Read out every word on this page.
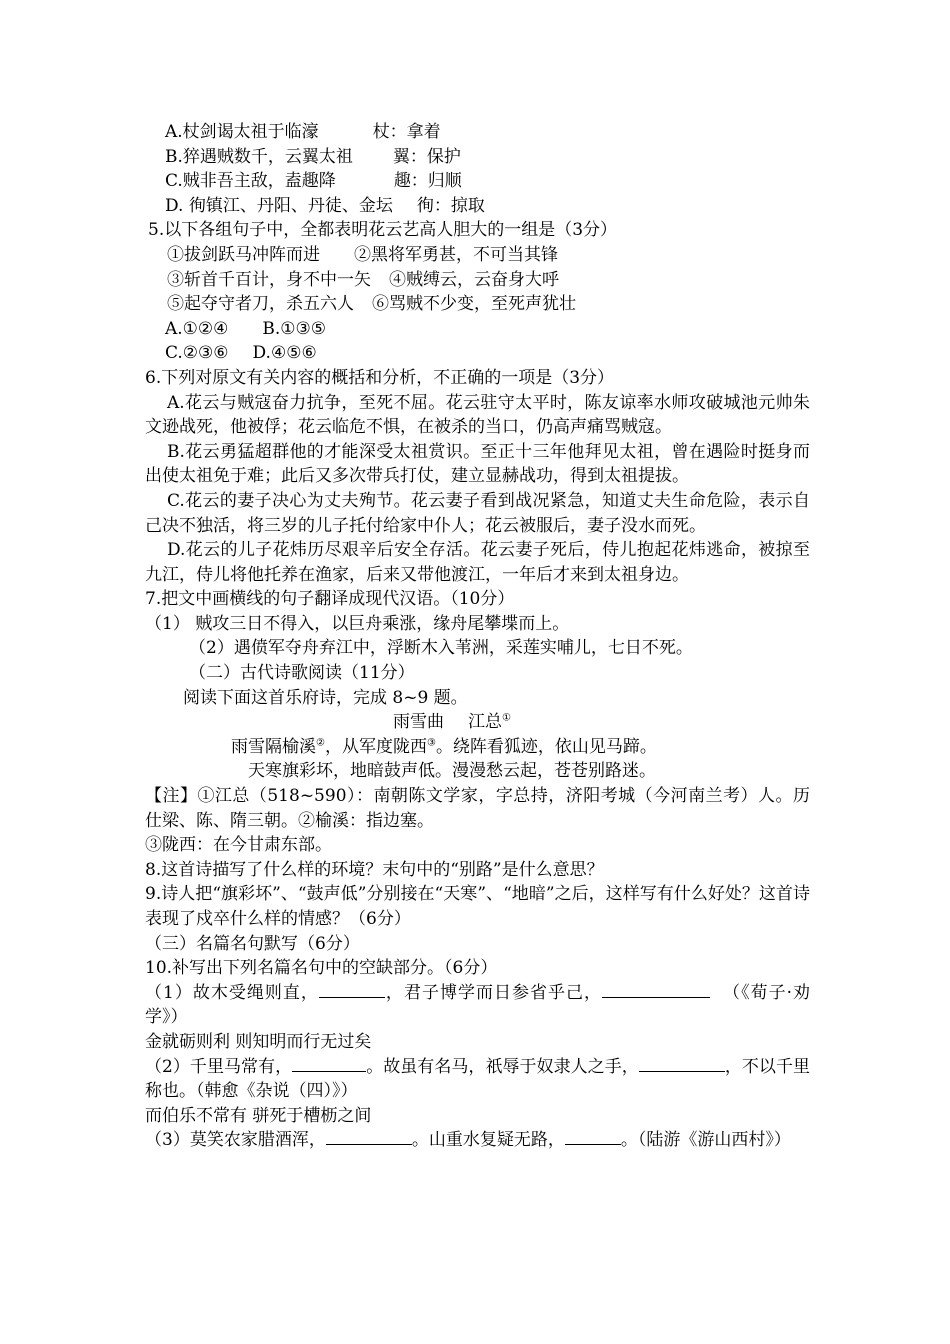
A.杖剑谒太祖于临濠	杖：拿着
B.猝遇贼数千，云翼太祖 翼：保护
C.贼非吾主敌，盍趣降	趣：归顺
D. 徇镇江、丹阳、丹徒、金坛 徇：掠取
5.以下各组句子中，全都表明花云艺高人胆大的一组是（3分）
①拔剑跃马冲阵而进 ②黑将军勇甚，不可当其锋
③斩首千百计，身不中一矢 ④贼缚云，云奋身大呼
⑤起夺守者刀，杀五六人 ⑥骂贼不少变，至死声犹壮
A.①②④ B.①③⑤
C.②③⑥ D.④⑤⑥
6.下列对原文有关内容的概括和分析，不正确的一项是（3分）
A.花云与贼寇奋力抗争，至死不屈。花云驻守太平时，陈友谅率水师攻破城池元帅朱文逊战死，他被俘；花云临危不惧，在被杀的当口，仍高声痛骂贼寇。
B.花云勇猛超群他的才能深受太祖赏识。至正十三年他拜见太祖，曾在遇险时挺身而出使太祖免于难；此后又多次带兵打仗，建立显赫战功，得到太祖提拔。
C.花云的妻子决心为丈夫殉节。花云妻子看到战况紧急，知道丈夫生命危险，表示自己决不独活，将三岁的儿子托付给家中仆人；花云被服后，妻子没水而死。
D.花云的儿子花炜历尽艰辛后安全存活。花云妻子死后，侍儿抱起花炜逃命，被掠至九江，侍儿将他托养在渔家，后来又带他渡江，一年后才来到太祖身边。
7.把文中画横线的句子翻译成现代汉语。（10分）
（1） 贼攻三日不得入，以巨舟乘涨，缘舟尾攀堞而上。
（2）遇偾军夺舟弃江中，浮断木入苇洲，采莲实哺儿，七日不死。
（二）古代诗歌阅读（11分）
阅读下面这首乐府诗，完成 8~9 题。
雨雪曲 江总①
雨雪隔榆溪②，从军度陇西③。绕阵看狐迹，依山见马蹄。
天寒旗彩坏，地暗鼓声低。漫漫愁云起，苍苍别路迷。
【注】①江总（518~590）：南朝陈文学家，字总持，济阳考城（今河南兰考）人。历仕梁、陈、隋三朝。②榆溪：指边塞。
③陇西：在今甘肃东部。
8.这首诗描写了什么样的环境？末句中的“别路”是什么意思？
9.诗人把“旗彩坏”、“鼓声低”分别接在“天寒”、“地暗”之后，这样写有什么好处？这首诗表现了戍卒什么样的情感？（6分）
（三）名篇名句默写（6分）
10.补写出下列名篇名句中的空缺部分。（6分）
（1）故木受绳则直，	，君子博学而日参省乎己，	（《荀子·劝学》）
金就砺则利 则知明而行无过矣
（2）千里马常有，	。故虽有名马，祇辱于奴隶人之手，	，不以千里称也。（韩愈《杂说（四）》）
而伯乐不常有 骈死于槽枥之间
（3）莫笑农家腊酒浑，	。山重水复疑无路，	。（陆游《游山西村》）
